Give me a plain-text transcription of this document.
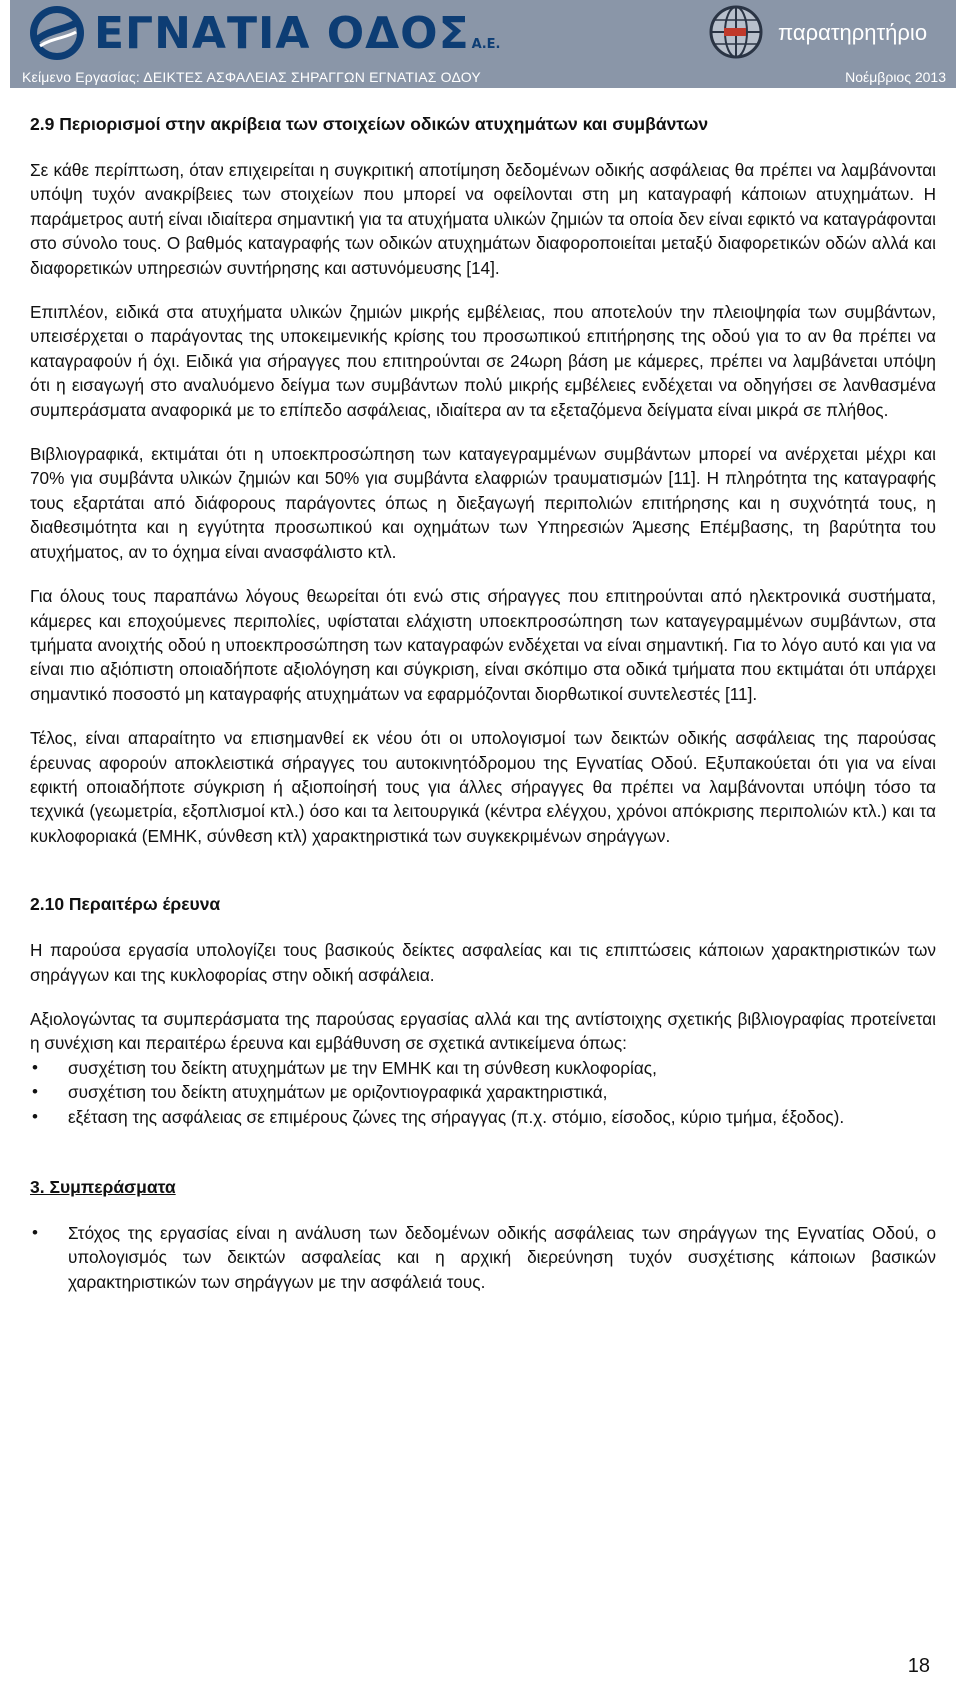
ΕΓΝΑΤΙΑ ΟΔΟΣ Α.Ε.	παρατηρητήριο
Κείμενο Εργασίας: ΔΕΙΚΤΕΣ ΑΣΦΑΛΕΙΑΣ ΣΗΡΑΓΓΩΝ ΕΓΝΑΤΙΑΣ ΟΔΟΥ	Νοέμβριος 2013
2.9 Περιορισμοί στην ακρίβεια των στοιχείων οδικών ατυχημάτων και συμβάντων

Σε κάθε περίπτωση, όταν επιχειρείται η συγκριτική αποτίμηση δεδομένων οδικής ασφάλειας θα πρέπει να λαμβάνονται υπόψη τυχόν ανακρίβειες των στοιχείων που μπορεί να οφείλονται στη μη καταγραφή κάποιων ατυχημάτων. Η παράμετρος αυτή είναι ιδιαίτερα σημαντική για τα ατυχήματα υλικών ζημιών τα οποία δεν είναι εφικτό να καταγράφονται στο σύνολο τους. Ο βαθμός καταγραφής των οδικών ατυχημάτων διαφοροποιείται μεταξύ διαφορετικών οδών αλλά και διαφορετικών υπηρεσιών συντήρησης και αστυνόμευσης [14].

Επιπλέον, ειδικά στα ατυχήματα υλικών ζημιών μικρής εμβέλειας, που αποτελούν την πλειοψηφία των συμβάντων, υπεισέρχεται ο παράγοντας της υποκειμενικής κρίσης του προσωπικού επιτήρησης της οδού για το αν θα πρέπει να καταγραφούν ή όχι. Ειδικά για σήραγγες που επιτηρούνται σε 24ωρη βάση με κάμερες, πρέπει να λαμβάνεται υπόψη ότι η εισαγωγή στο αναλυόμενο δείγμα των συμβάντων πολύ μικρής εμβέλειες ενδέχεται να οδηγήσει σε λανθασμένα συμπεράσματα αναφορικά με το επίπεδο ασφάλειας, ιδιαίτερα αν τα εξεταζόμενα δείγματα είναι μικρά σε πλήθος.

Βιβλιογραφικά, εκτιμάται ότι η υποεκπροσώπηση των καταγεγραμμένων συμβάντων μπορεί να ανέρχεται μέχρι και 70% για συμβάντα υλικών ζημιών και 50% για συμβάντα ελαφριών τραυματισμών [11]. Η πληρότητα της καταγραφής τους εξαρτάται από διάφορους παράγοντες όπως η διεξαγωγή περιπολιών επιτήρησης και η συχνότητά τους, η διαθεσιμότητα και η εγγύτητα προσωπικού και οχημάτων των Υπηρεσιών Άμεσης Επέμβασης, τη βαρύτητα του ατυχήματος, αν το όχημα είναι ανασφάλιστο κτλ.

Για όλους τους παραπάνω λόγους θεωρείται ότι ενώ στις σήραγγες που επιτηρούνται από ηλεκτρονικά συστήματα, κάμερες και εποχούμενες περιπολίες, υφίσταται ελάχιστη υποεκπροσώπηση των καταγεγραμμένων συμβάντων, στα τμήματα ανοιχτής οδού η υποεκπροσώπηση των καταγραφών ενδέχεται να είναι σημαντική. Για το λόγο αυτό και για να είναι πιο αξιόπιστη οποιαδήποτε αξιολόγηση και σύγκριση, είναι σκόπιμο στα οδικά τμήματα που εκτιμάται ότι υπάρχει σημαντικό ποσοστό μη καταγραφής ατυχημάτων να εφαρμόζονται διορθωτικοί συντελεστές [11].

Τέλος, είναι απαραίτητο να επισημανθεί εκ νέου ότι οι υπολογισμοί των δεικτών οδικής ασφάλειας της παρούσας έρευνας αφορούν αποκλειστικά σήραγγες του αυτοκινητόδρομου της Εγνατίας Οδού. Εξυπακούεται ότι για να είναι εφικτή οποιαδήποτε σύγκριση ή αξιοποίησή τους για άλλες σήραγγες θα πρέπει να λαμβάνονται υπόψη τόσο τα τεχνικά (γεωμετρία, εξοπλισμοί κτλ.) όσο και τα λειτουργικά (κέντρα ελέγχου, χρόνοι απόκρισης περιπολιών κτλ.) και τα κυκλοφοριακά (ΕΜΗΚ, σύνθεση κτλ) χαρακτηριστικά των συγκεκριμένων σηράγγων.

2.10 Περαιτέρω έρευνα

Η παρούσα εργασία υπολογίζει τους βασικούς δείκτες ασφαλείας και τις επιπτώσεις κάποιων χαρακτηριστικών των σηράγγων και της κυκλοφορίας στην οδική ασφάλεια.

Αξιολογώντας τα συμπεράσματα της παρούσας εργασίας αλλά και της αντίστοιχης σχετικής βιβλιογραφίας προτείνεται η συνέχιση και περαιτέρω έρευνα και εμβάθυνση σε σχετικά αντικείμενα όπως:

• συσχέτιση του δείκτη ατυχημάτων με την ΕΜΗΚ και τη σύνθεση κυκλοφορίας,
• συσχέτιση του δείκτη ατυχημάτων με οριζοντιογραφικά χαρακτηριστικά,
• εξέταση της ασφάλειας σε επιμέρους ζώνες της σήραγγας (π.χ. στόμιο, είσοδος, κύριο τμήμα, έξοδος).
3. Συμπεράσματα
• Στόχος της εργασίας είναι η ανάλυση των δεδομένων οδικής ασφάλειας των σηράγγων της Εγνατίας Οδού, ο υπολογισμός των δεικτών ασφαλείας και η αρχική διερεύνηση τυχόν συσχέτισης κάποιων βασικών χαρακτηριστικών των σηράγγων με την ασφάλειά τους.
18
